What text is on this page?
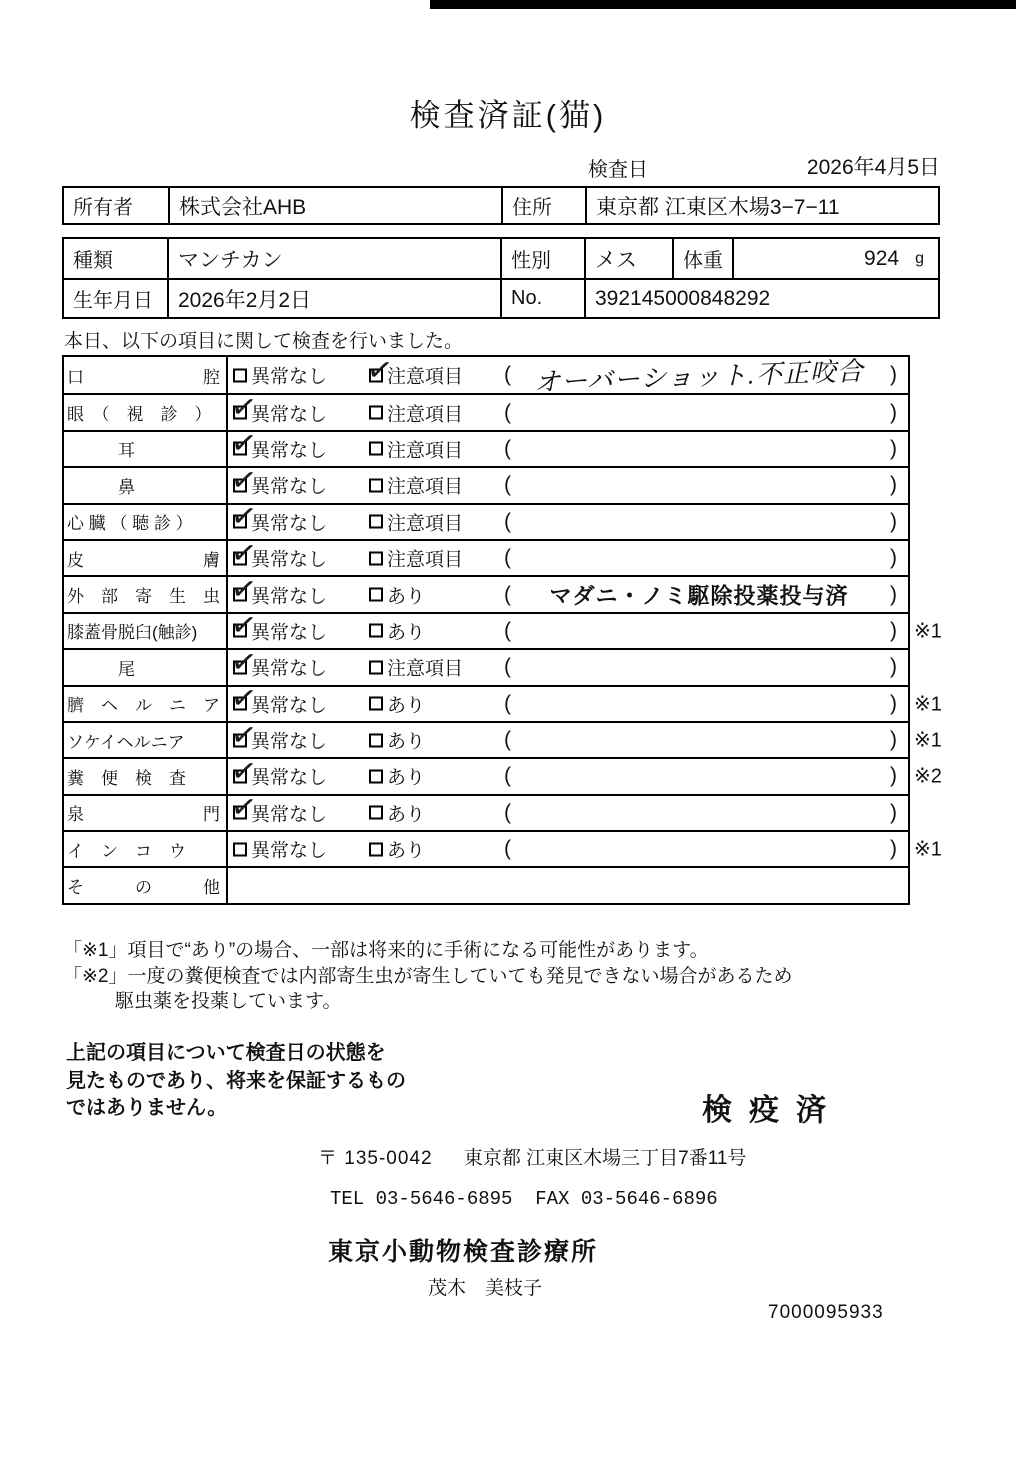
検査済証(猫)
検査日	2026年4月5日
所有者	株式会社AHB	住所	東京都 江東区木場3−7−11
種類	マンチカン	性別	メス	体重	924 g
生年月日	2026年2月2日	No.	392145000848292
本日、以下の項目に関して検査を行いました。
口　　　　　　　腔	異常なし ✓	注意項目 ( オーバーショット.不正咬合	)
眼　（　視　診　） ✓	異常なし	注意項目 (	)
　　　耳 ✓	異常なし	注意項目 (	)
　　　鼻 ✓	異常なし	注意項目 (	)
心 臓 （ 聴 診 ） ✓	異常なし	注意項目 (	)
皮　　　　　　　膚 ✓	異常なし	注意項目 (	)
外　部　寄　生　虫 ✓	異常なし	あり	(	マダニ・ノミ駆除投薬投与済	)
膝蓋骨脱臼(触診) ✓	異常なし	あり	(	) ※1
　　　尾 ✓	異常なし	注意項目 (	)
臍　ヘ　ル　ニ　ア ✓	異常なし	あり	(	) ※1
ソケイヘルニア ✓	異常なし	あり	(	) ※1
糞　便　検　査 ✓	異常なし	あり	(	) ※2
泉　　　　　　　門 ✓	異常なし	あり	(	)
イ　ン　コ　ウ	異常なし	あり	(	) ※1
そ　　　の　　　他
「※1」項目で“あり”の場合、一部は将来的に手術になる可能性があります。
「※2」一度の糞便検査では内部寄生虫が寄生していても発見できない場合があるため
駆虫薬を投薬しています。
上記の項目について検査日の状態を
見たものであり、将来を保証するもの
ではありません。	検疫済
〒 135-0042 東京都 江東区木場三丁目7番11号
TEL 03-5646-6895  FAX 03-5646-6896
東京小動物検査診療所
茂木　美枝子
7000095933
